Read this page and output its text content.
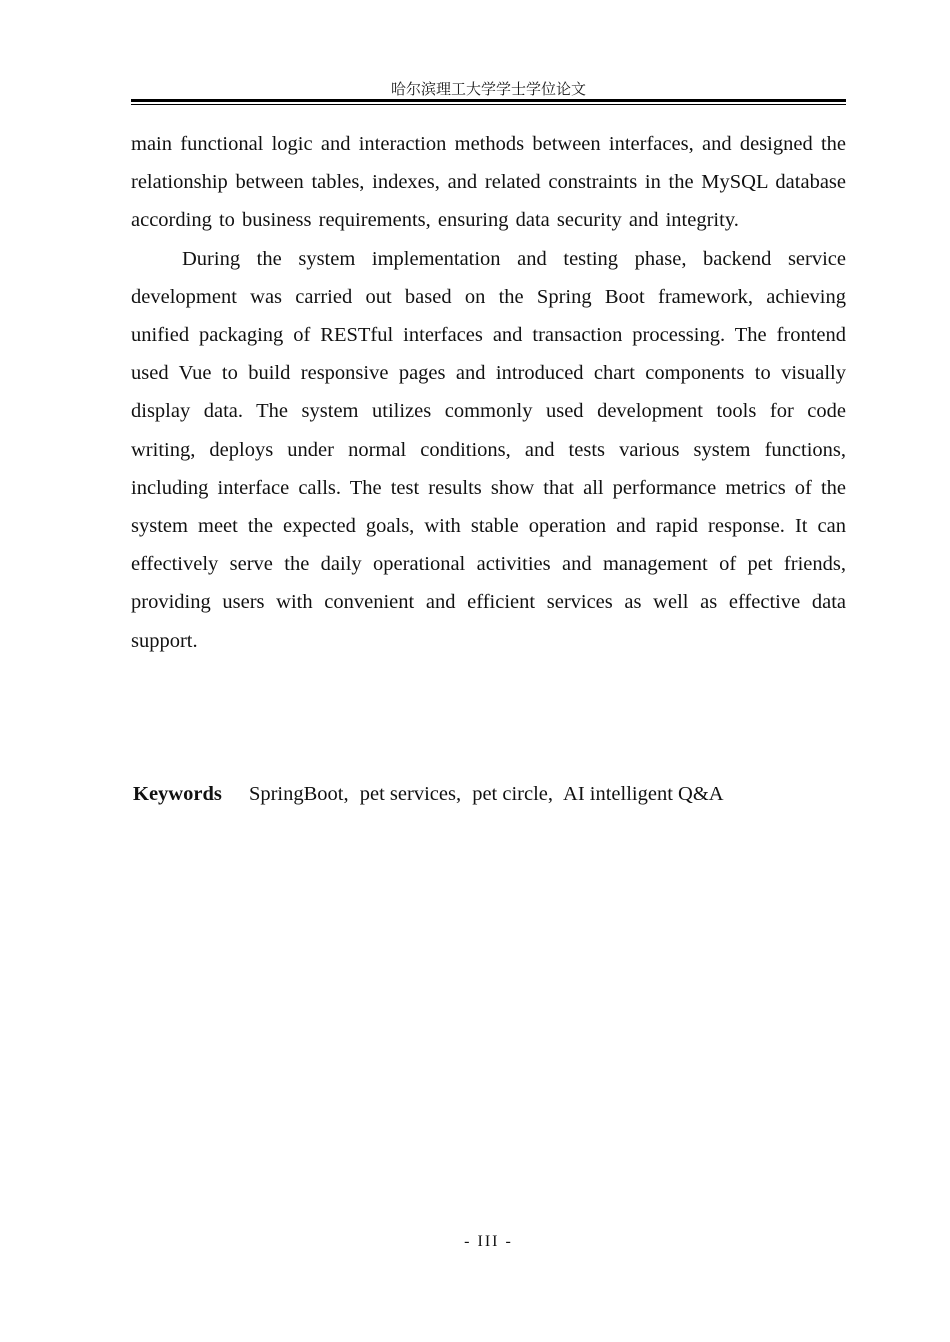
哈尔滨理工大学学士学位论文

main functional logic and interaction methods between interfaces, and designed the relationship between tables, indexes, and related constraints in the MySQL database according to business requirements, ensuring data security and integrity.

During the system implementation and testing phase, backend service development was carried out based on the Spring Boot framework, achieving unified packaging of RESTful interfaces and transaction processing. The frontend used Vue to build responsive pages and introduced chart components to visually display data. The system utilizes commonly used development tools for code writing, deploys under normal conditions, and tests various system functions, including interface calls. The test results show that all performance metrics of the system meet the expected goals, with stable operation and rapid response. It can effectively serve the daily operational activities and management of pet friends, providing users with convenient and efficient services as well as effective data support.

Keywords SpringBoot, pet services, pet circle, AI intelligent Q&A
- III -
